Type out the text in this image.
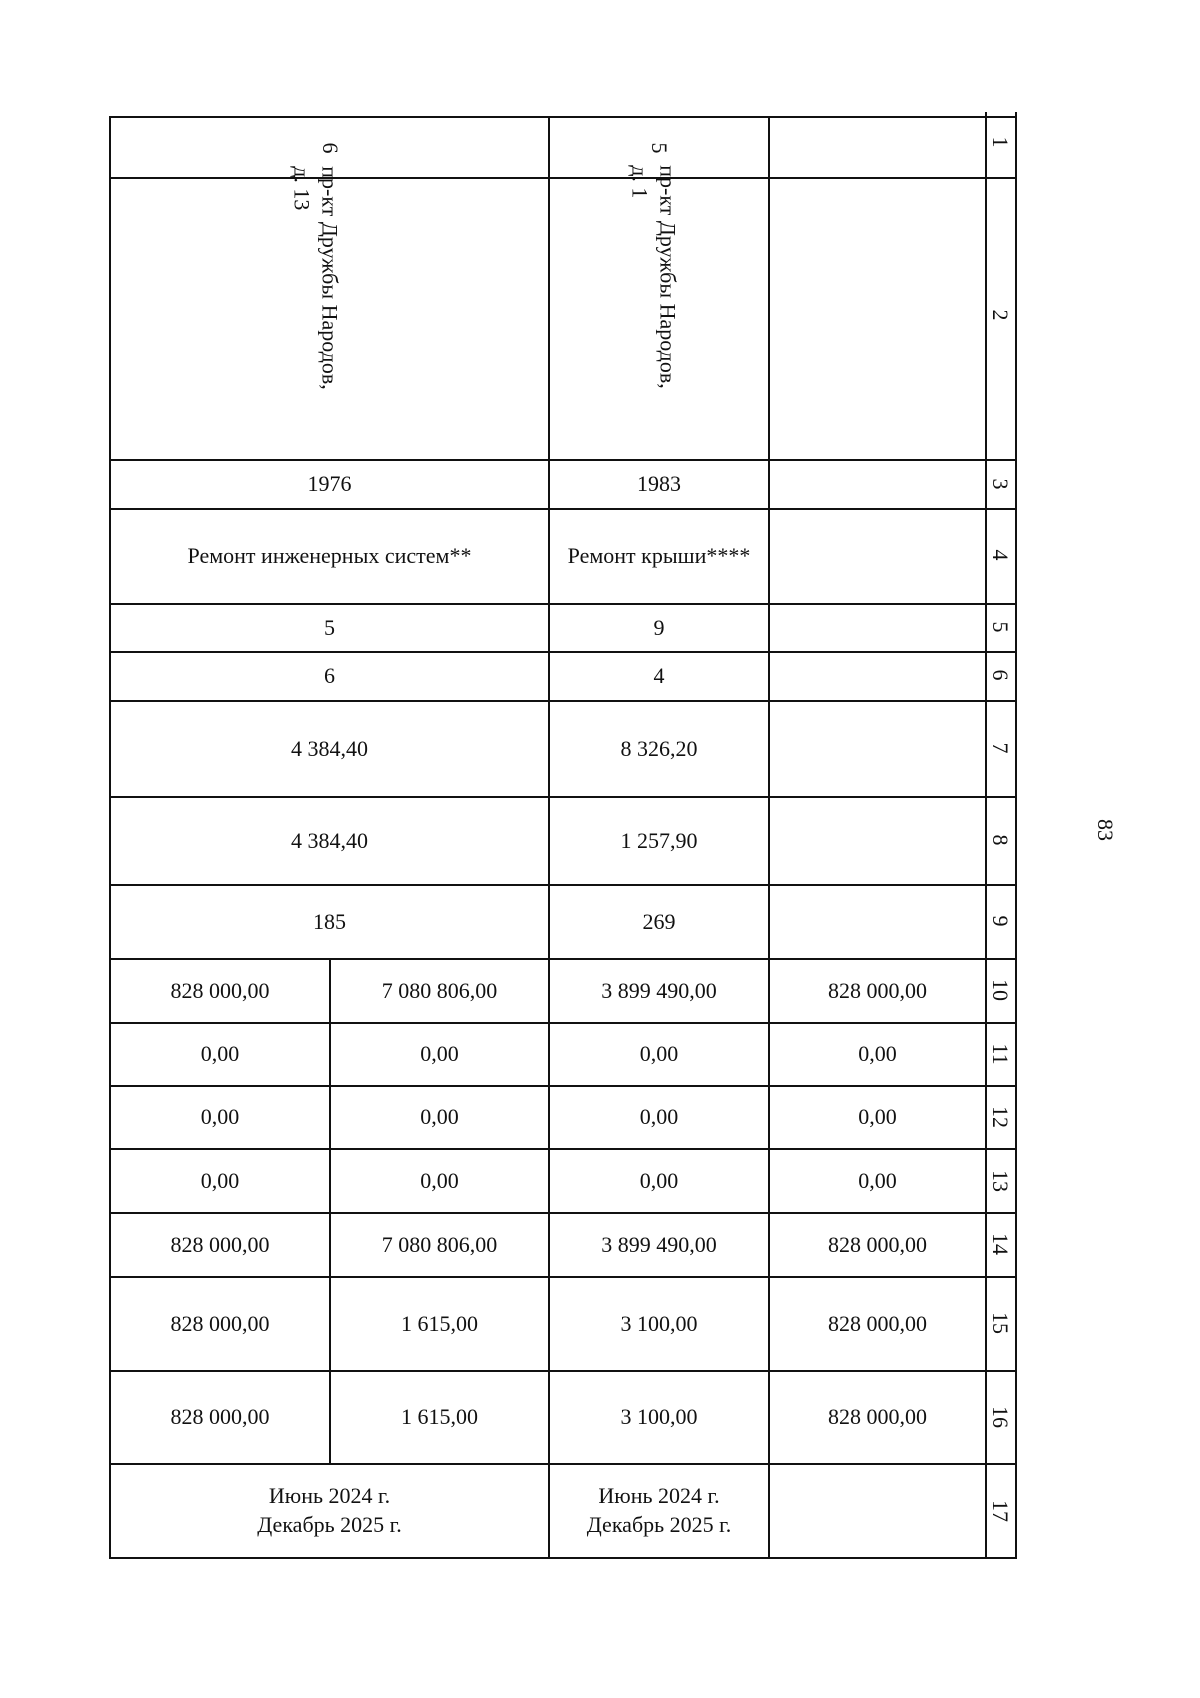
83
1
2
3
4
5
6
7
8
9
10
11
12
13
14
15
16
17
6
пр-кт Дружбы Народов,
д. 13
1976
Ремонт инженерных систем**
5
6
4 384,40
4 384,40
185
828 000,00
0,00
0,00
0,00
828 000,00
828 000,00
828 000,00
7 080 806,00
0,00
0,00
0,00
7 080 806,00
1 615,00
1 615,00
Июнь 2024 г.
Декабрь 2025 г.
5
пр-кт Дружбы Народов,
д. 1
1983
Ремонт крыши****
9
4
8 326,20
1 257,90
269
3 899 490,00
0,00
0,00
0,00
3 899 490,00
3 100,00
3 100,00
Июнь 2024 г.
Декабрь 2025 г.
828 000,00
0,00
0,00
0,00
828 000,00
828 000,00
828 000,00
